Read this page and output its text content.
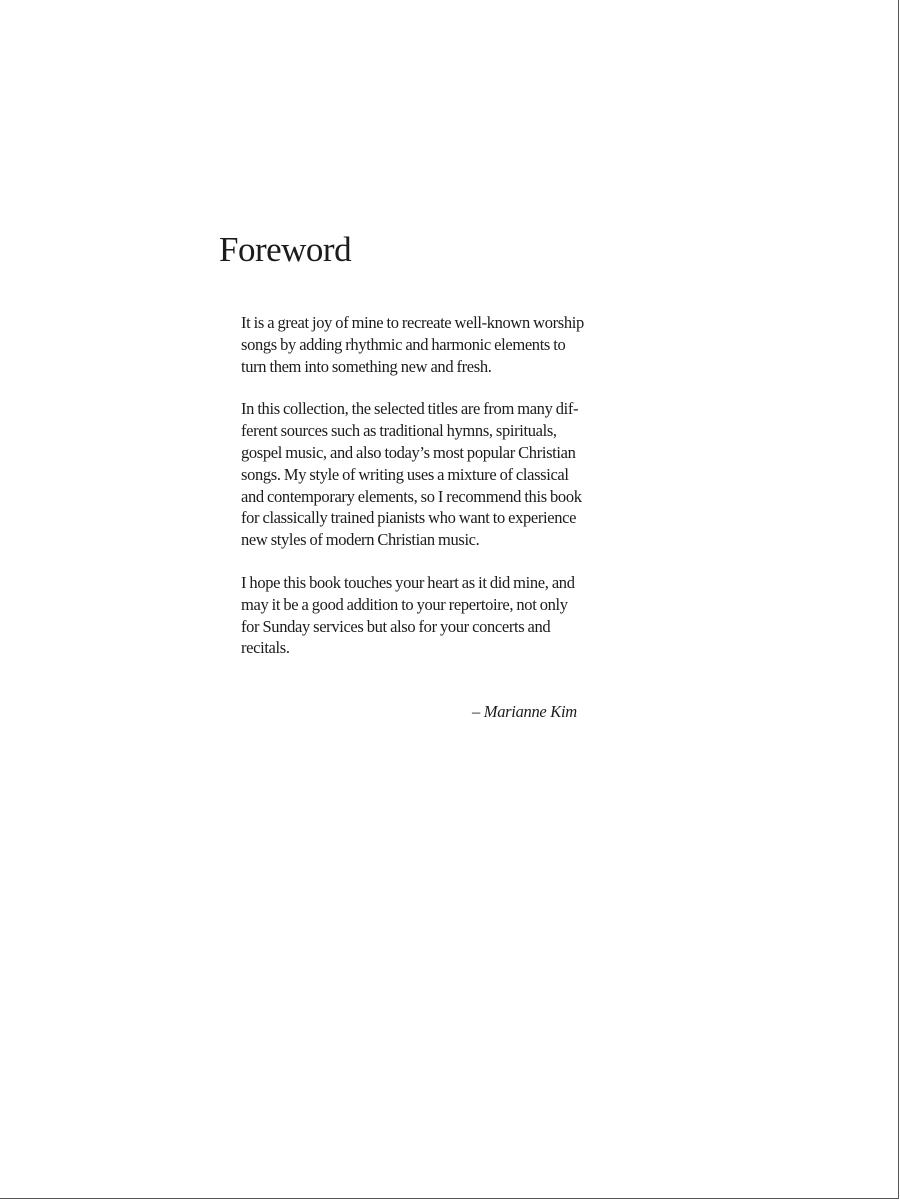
Foreword

It is a great joy of mine to recreate well-known worship
songs by adding rhythmic and harmonic elements to
turn them into something new and fresh.

In this collection, the selected titles are from many dif-
ferent sources such as traditional hymns, spirituals,
gospel music, and also today’s most popular Christian
songs. My style of writing uses a mixture of classical
and contemporary elements, so I recommend this book
for classically trained pianists who want to experience
new styles of modern Christian music.

I hope this book touches your heart as it did mine, and
may it be a good addition to your repertoire, not only
for Sunday services but also for your concerts and
recitals.

– Marianne Kim
